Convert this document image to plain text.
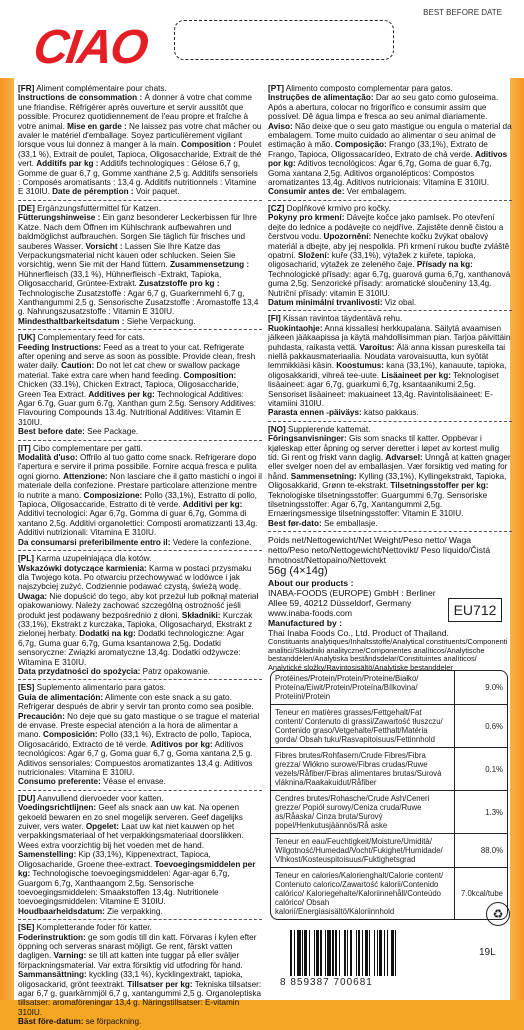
CIAO
BEST BEFORE DATE

[FR] Aliment complémentaire pour chats.
Instructions de consommation : À donner à votre chat comme une friandise. Réfrigérer après ouverture et servir aussitôt que possible. Procurez quotidiennement de l'eau propre et fraîche à votre animal. Mise en garde : Ne laissez pas votre chat mâcher ou avaler le matériel d'emballage. Soyez particulièrement vigilant lorsque vous lui donnez à manger à la main. Composition : Poulet (33,1 %), Extrait de poulet, Tapioca, Oligosaccharide, Extrait de thé vert. Additifs par kg : Additifs technologiques : Gélose 6,7 g, Gomme de guar 6,7 g, Gomme xanthane 2,5 g. Additifs sensoriels : Composés aromatisants : 13,4 g. Additifs nutritionnels : Vitamine E 310IU. Date de péremption : Voir paquet.

[DE] Ergänzungsfuttermittel für Katzen.
Fütterungshinweise : Ein ganz besonderer Leckerbissen für Ihre Katze. Nach dem Öffnen im Kühlschrank aufbewahren und baldmöglichst aufbrauchen. Sorgen Sie täglich für frisches und sauberes Wasser. Vorsicht : Lassen Sie Ihre Katze das Verpackungsmaterial nicht kauen oder schlucken. Seien Sie vorsichtig, wenn Sie mit der Hand füttern. Zusammensetzung : Hühnerfleisch (33,1 %), Hühnerfleisch -Extrakt, Tapioka, Oligosaccharid, Grüntee-Extrakt. Zusatzstoffe pro kg : Technologische Zusatzstoffe : Agar 6,7 g, Guarkernmehl 6,7 g, Xanthangummi 2,5 g. Sensorische Zusatzstoffe : Aromastoffe 13,4 g. Nahrungszusatzstoffe : Vitamin E 310IU.
Mindesthaltbarkeitsdatum : Siehe Verpackung.

[UK] Complementary feed for cats.
Feeding Instructions: Feed as a treat to your cat. Refrigerate after opening and serve as soon as possible. Provide clean, fresh water daily. Caution: Do not let cat chew or swallow package material. Take extra care when hand feeding. Composition: Chicken (33.1%), Chicken Extract, Tapioca, Oligosaccharide, Green Tea Extract. Additives per kg: Technological Additives: Agar 6.7g, Guar gum 6.7g, Xanthan gum 2.5g. Sensory Additives: Flavouring Compounds 13.4g. Nutritional Additives: Vitamin E 310IU.
Best before date: See Package.

[IT] Cibo complementare per gatti.
Modalità d'uso: Offrilo al tuo gatto come snack. Refrigerare dopo l'apertura e servire il prima possibile. Fornire acqua fresca e pulita ogni giorno. Attenzione: Non lasciare che il gatto mastichi o ingoi il materiale della confezione. Prestare particolare attenzione mentre lo nutrite a mano. Composizione: Pollo (33,1%), Estratto di pollo, Tapioca, Oligosaccaride, Estratto di tè verde. Additivi per kg: Additivi tecnologici: Agar 6,7g, Gomma di guar 6,7g, Gomma di xantano 2,5g. Additivi organolettici: Composti aromatizzanti 13,4g. Additivi nutrizionali: Vitamina E 310IU.
Da consumarsi preferibilmente entro il: Vedere la confezione.

[PL] Karma uzupełniająca dla kotów.
Wskazówki dotyczące karmienia: Karma w postaci przysmaku dla Twojego kota. Po otwarciu przechowywać w lodówce i jak najszybciej zużyć. Codziennie podawać czystą, świeżą wodę. Uwaga: Nie dopuścić do tego, aby kot przeżuł lub połknął materiał opakowaniowy. Należy zachować szczególną ostrożność jeśli produkt jest podawany bezpośrednio z dłoni. Składniki: Kurczak (33,1%), Ekstrakt z kurczaka, Tapioka, Oligosacharyd, Ekstrakt z zielonej herbaty. Dodatki na kg: Dodatki technologiczne: Agar 6,7g, Guma guar 6,7g, Guma ksantanowa 2,5g. Dodatki sensoryczne: Związki aromatyczne 13,4g. Dodatki odżywcze: Witamina E 310IU.
Data przydatności do spożycia: Patrz opakowanie.

[ES] Suplemento alimentario para gatos.
Guía de alimentación: Alimente con este snack a su gato. Refrigerar después de abrir y servir tan pronto como sea posible. Precaución: No deje que su gato mastique o se trague el material de envase. Preste especial atención a la hora de alimentar a mano. Composición: Pollo (33,1 %), Extracto de pollo, Tapioca, Oligosacárido, Extracto de té verde. Aditivos por kg: Aditivos tecnológicos: Agar 6,7 g, Goma guar 6,7 g, Goma xantana 2,5 g. Aditivos sensoriales: Compuestos aromatizantes 13,4 g. Aditivos nutricionales: Vitamina E 310IU.
Consumo preferente: Véase el envase.

[DU] Aanvullend diervoeder voor katten.
Voedingsrichtlijnen: Geef als snack aan uw kat. Na openen gekoeld bewaren en zo snel mogelijk serveren. Geef dagelijks zuiver, vers water. Opgelet: Laat uw kat niet kauwen op het verpakkingsmateriaal of het verpakkingsmateriaal doorslikken. Wees extra voorzichtig bij het voeden met de hand. Samenstelling: Kip (33,1%), Kippenextract, Tapioca, Oligosacharide, Groene thee-extract. Toevoegingsmiddelen per kg: Technologische toevoegingsmiddelen: Agar-agar 6,7g, Guargom 6,7g, Xanthaangom 2,5g. Sensorische toevoegingsmiddelen: Smaakstoffen 13,4g. Nutritionele toevoegingsmiddelen: Vitamine E 310IU.
Houdbaarheidsdatum: Zie verpakking.

[SE] Kompletterande foder för katter.
Foderinstruktion: ge som godis till din katt. Förvaras i kylen efter öppning och serveras snarast möjligt. Ge rent, färskt vatten dagligen. Varning: se till att katten inte tuggar på eller sväljer förpackningsmaterial. Var extra försiktig vid utfodring för hand. Sammansättning: kyckling (33,1 %), kycklingextrakt, tapioka, oligosackarid, grönt teextrakt. Tillsatser per kg: Tekniska tillsatser: agar 6,7 g, guarkärnmjöl 6,7 g, xantangummi 2,5 g. Organoleptiska tillsatser: aromaföreningar 13,4 g. Näringstillsatser: E-vitamin 310IU.
Bäst före-datum: se förpackning.

[PT] Alimento composto complementar para gatos.
Instruções de alimentação: Dar ao seu gato como guloseima. Após a abertura, colocar no frigorífico e consumir assim que possível. Dê água limpa e fresca ao seu animal diariamente. Aviso: Não deixe que o seu gato mastigue ou engula o material da embalagem. Tome muito cuidado ao alimentar o seu animal de estimação à mão. Composição: Frango (33,1%), Extrato de Frango, Tapioca, Oligossacarídeo, Extrato de chá verde. Aditivos por kg: Aditivos tecnológicos: Ágar 6,7g, Goma de guar 6,7g, Goma xantana 2,5g. Aditivos organolépticos: Compostos aromatizantes 13,4g. Aditivos nutricionais: Vitamina E 310IU.
Consumir antes de: Ver embalagem.

[CZ] Doplňkové krmivo pro kočky.
Pokyny pro krmení: Dávejte kočce jako pamlsek. Po otevření dejte do lednice a podávejte co nejdříve. Zajistěte denně čistou a čerstvou vodu. Upozornění: Nenechte kočku žvýkat obalový materiál a dbejte, aby jej nespolkla. Při krmení rukou buďte zvláště opatrní. Složení: kuře (33,1%), výtažek z kuřete, tapioka, oligosacharid, výtažek ze zeleného čaje. Přísady na kg: Technologické přísady: agar 6,7g, guarová guma 6,7g, xanthanová guma 2,5g. Senzorické přísady: aromatické sloučeniny 13,4g. Nutriční přísady: vitamin E 310IU.
Datum minimální trvanlivosti: Viz obal.

[FI] Kissan ravintoa täydentävä rehu.
Ruokintaohje: Anna kissallesi herkkupalana. Säilytä avaamisen jälkeen jääkaapissa ja käytä mahdollisimman pian. Tarjoa päivittäin puhdasta, raikasta vettä. Varoitus: Älä anna kissan pureskella tai niellä pakkausmateriaalia. Noudata varovaisuutta, kun syötät lemmikkiäsi käsin. Koostumus: kana (33,1%), kanauute, tapioka, oligosakkaridi, vihreä tee-uute. Lisäaineet per kg: Teknologiset lisäaineet: agar 6,7g, guarkumi 6,7g, ksantaanikumi 2,5g. Sensoriset lisäaineet: makuaineet 13,4g. Ravintolisäaineet: E-vitamiini 310IU.
Parasta ennen -päiväys: katso pakkaus.

[NO] Supplerende kattemat.
Fôringsanvisninger: Gis som snacks til katter. Oppbevar i kjøleskap etter åpning og server deretter i løpet av kortest mulig tid. Gi rent og friskt vann daglig. Advarsel: Unngå at katten gnager eller svelger noen del av emballasjen. Vær forsiktig ved mating for hånd. Sammensetning: Kylling (33,1%), Kyllingekstrakt, Tapioka, Oligosakkarid, Grønn te-ekstrakt. Tilsetningsstoffer per kg: Teknologiske tilsetningsstoffer: Guargummi 6,7g. Sensoriske tilsetningsstoffer: Agar 6,7g, Xantangummi 2,5g. Ernæringsmessige tilsetningsstoffer: Vitamin E 310IU.
Best før-dato: Se emballasje.

Poids net/Nettogewicht/Net Weight/Peso netto/ Waga netto/Peso neto/Nettogewicht/Nettovikt/ Peso líquido/Čistá hmotnost/Nettopaino/Nettovekt
56g (4×14g)
About our products :
INABA-FOODS (EUROPE) GmbH : Berliner Allee 59, 40212 Düsseldorf, Germany www.inaba-foods.com
Manufactured by :
Thai Inaba Foods Co., Ltd. Product of Thailand.
Constituants analytiques/Inhaltsstoffe/Analytical constituents/Componenti analitici/Składniki analityczne/Componentes analíticos/Analytische bestanddelen/Analytiska beståndsdelar/Constituintes analíticos/ Analytické složky/Ravintosisältö/Analytiske bestanddeler
EU712
Protéines/Protein/Protein/Proteine/Białko/ Proteína/Eiwit/Protein/Proteína/Bílkovina/ Proteiini/Protein
9.0%
Teneur en matières grasses/Fettgehalt/Fat content/ Contenuto di grassi/Zawartość tłuszczu/ Contenido graso/Vetgehalte/Fetthalt/Matéria gorda/ Obsah tuku/Rasvapitoisuus/Fettinnhold
0.6%
Fibres brutes/Rohfasern/Crude Fibres/Fibra grezza/ Włókno surowe/Fibras crudas/Ruwe vezels/Råfiber/Fibras alimentares brutas/Surová vláknina/Raakakuidut/Råfiber
0.1%
Cendres brutes/Rohasche/Crude Ash/Ceneri grezze/ Popiół surowy/Ceniza cruda/Ruwe as/Råaska/ Cinza bruta/Surový popel/Henkutusjäännös/Rå aske
1.3%
Teneur en eau/Feuchtigkeit/Moisture/Umidità/ Wilgotność/Humedad/Vocht/Fukighet/Humidade/ Vlhkost/Kosteuspitoisuus/Fuktighetsgrad
88.0%
Teneur en calories/Kalorienghalt/Calorie content/ Contenuto calorico/Zawartość kalorii/Contenido calórico/ Kaloriegehalte/Kaloriinnehåll/Conteúdo calórico/ Obsah kalorií/Energiasisältö/Kaloriinnhold
7.0kcal/tube
8 859387 700681
♻
19L
